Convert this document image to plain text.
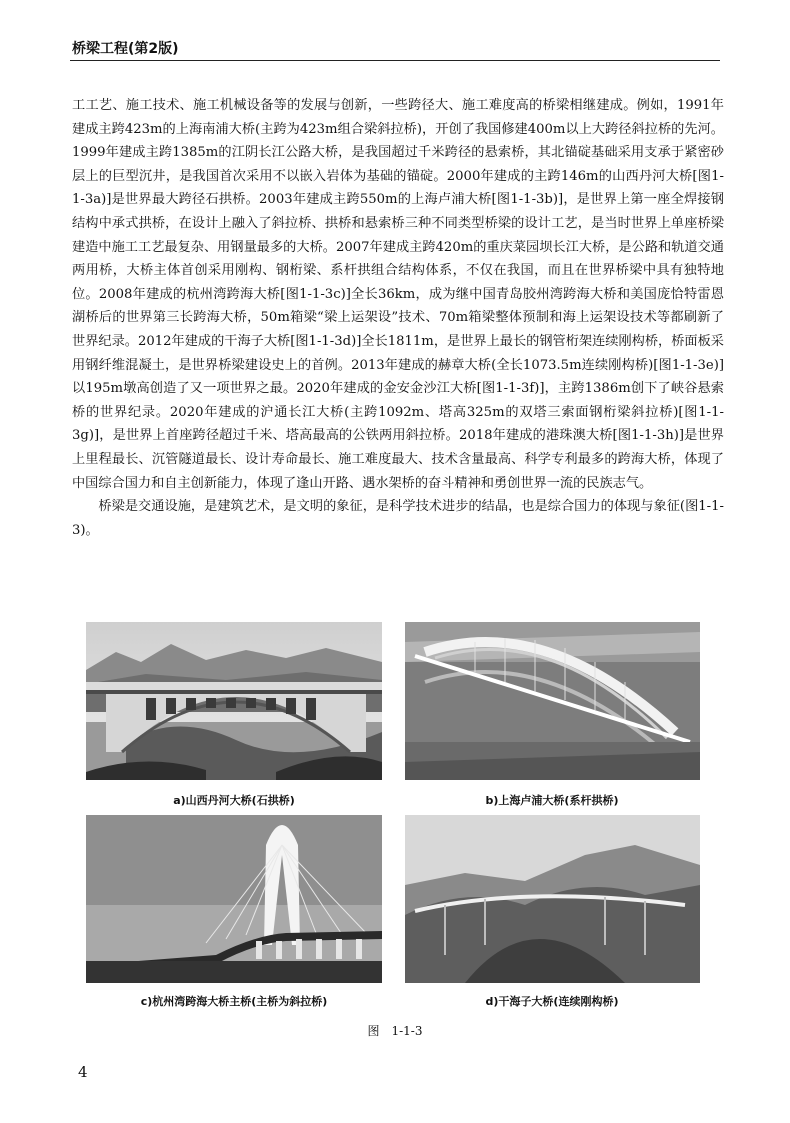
桥梁工程(第2版)

工工艺、施工技术、施工机械设备等的发展与创新，一些跨径大、施工难度高的桥梁相继建成。例如，1991年建成主跨423m的上海南浦大桥(主跨为423m组合梁斜拉桥)，开创了我国修建400m以上大跨径斜拉桥的先河。1999年建成主跨1385m的江阴长江公路大桥，是我国超过千米跨径的悬索桥，其北锚碇基础采用支承于紧密砂层上的巨型沉井，是我国首次采用不以嵌入岩体为基础的锚碇。2000年建成的主跨146m的山西丹河大桥[图1-1-3a)]是世界最大跨径石拱桥。2003年建成主跨550m的上海卢浦大桥[图1-1-3b)]，是世界上第一座全焊接钢结构中承式拱桥，在设计上融入了斜拉桥、拱桥和悬索桥三种不同类型桥梁的设计工艺，是当时世界上单座桥梁建造中施工工艺最复杂、用钢量最多的大桥。2007年建成主跨420m的重庆菜园坝长江大桥，是公路和轨道交通两用桥，大桥主体首创采用刚构、钢桁梁、系杆拱组合结构体系，不仅在我国，而且在世界桥梁中具有独特地位。2008年建成的杭州湾跨海大桥[图1-1-3c)]全长36km，成为继中国青岛胶州湾跨海大桥和美国庞恰特雷恩湖桥后的世界第三长跨海大桥，50m箱梁“梁上运架设”技术、70m箱梁整体预制和海上运架设技术等都刷新了世界纪录。2012年建成的干海子大桥[图1-1-3d)]全长1811m，是世界上最长的钢管桁架连续刚构桥，桥面板采用钢纤维混凝土，是世界桥梁建设史上的首例。2013年建成的赫章大桥(全长1073.5m连续刚构桥)[图1-1-3e)]以195m墩高创造了又一项世界之最。2020年建成的金安金沙江大桥[图1-1-3f)]，主跨1386m创下了峡谷悬索桥的世界纪录。2020年建成的沪通长江大桥(主跨1092m、塔高325m的双塔三索面钢桁梁斜拉桥)[图1-1-3g)]，是世界上首座跨径超过千米、塔高最高的公铁两用斜拉桥。2018年建成的港珠澳大桥[图1-1-3h)]是世界上里程最长、沉管隧道最长、设计寿命最长、施工难度最大、技术含量最高、科学专利最多的跨海大桥，体现了中国综合国力和自主创新能力，体现了逢山开路、遇水架桥的奋斗精神和勇创世界一流的民族志气。

桥梁是交通设施，是建筑艺术，是文明的象征，是科学技术进步的结晶，也是综合国力的体现与象征(图1-1-3)。

a)山西丹河大桥(石拱桥)	b)上海卢浦大桥(系杆拱桥)
c)杭州湾跨海大桥主桥(主桥为斜拉桥)	d)干海子大桥(连续刚构桥)
图　1-1-3
4
